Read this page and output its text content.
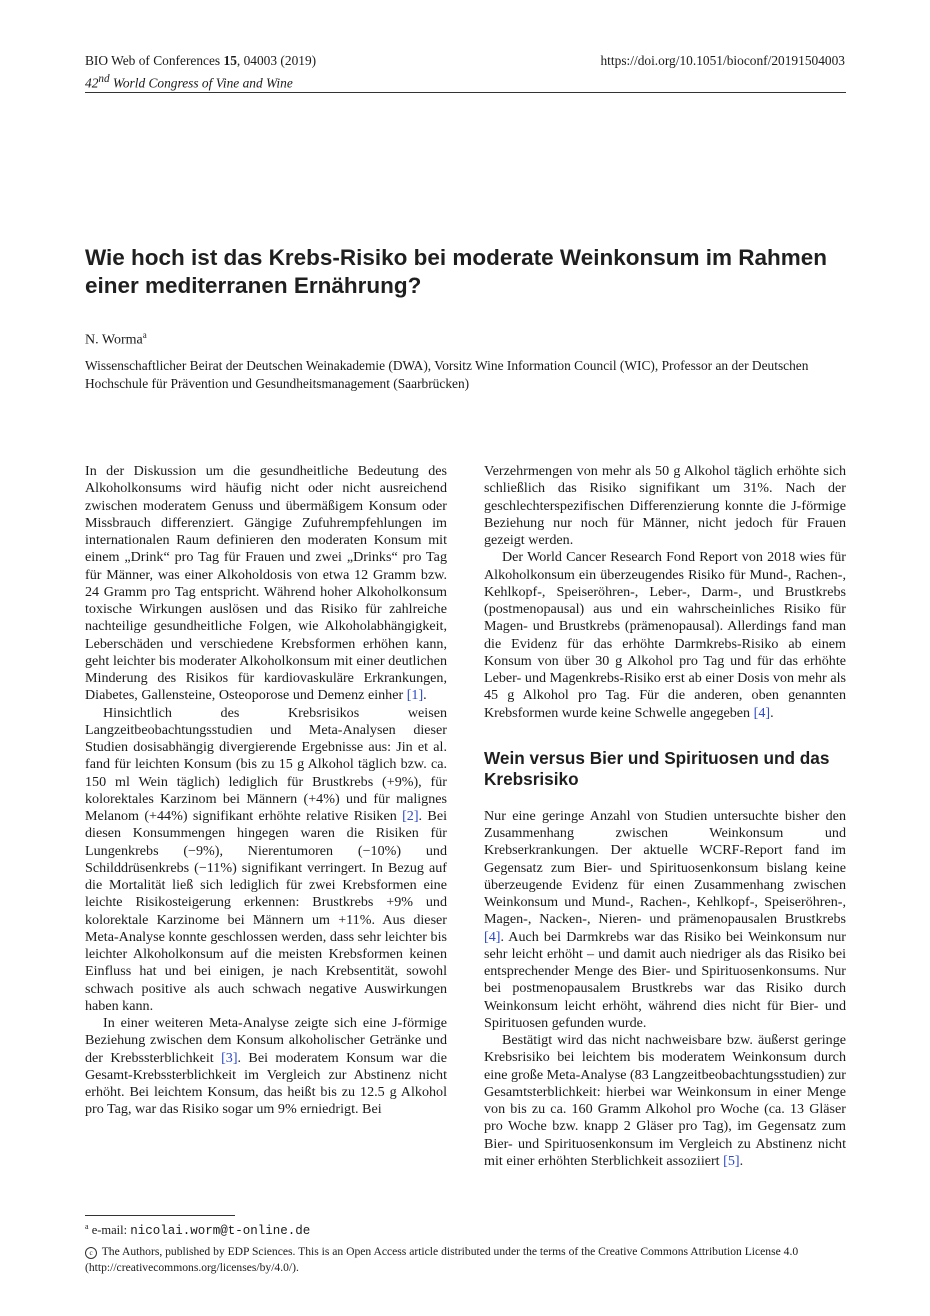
BIO Web of Conferences 15, 04003 (2019)
42nd World Congress of Vine and Wine
https://doi.org/10.1051/bioconf/20191504003
Wie hoch ist das Krebs-Risiko bei moderate Weinkonsum im Rahmen einer mediterranen Ernährung?
N. Worma$^a$
Wissenschaftlicher Beirat der Deutschen Weinakademie (DWA), Vorsitz Wine Information Council (WIC), Professor an der Deutschen Hochschule für Prävention und Gesundheitsmanagement (Saarbrücken)

In der Diskussion um die gesundheitliche Bedeutung des Alkoholkonsums wird häufig nicht oder nicht ausreichend zwischen moderatem Genuss und übermäßigem Konsum oder Missbrauch differenziert. Gängige Zufuhrempfehlungen im internationalen Raum definieren den moderaten Konsum mit einem „Drink“ pro Tag für Frauen und zwei „Drinks“ pro Tag für Männer, was einer Alkoholdosis von etwa 12 Gramm bzw. 24 Gramm pro Tag entspricht. Während hoher Alkoholkonsum toxische Wirkungen auslösen und das Risiko für zahlreiche nachteilige gesundheitliche Folgen, wie Alkoholabhängigkeit, Leberschäden und verschiedene Krebsformen erhöhen kann, geht leichter bis moderater Alkoholkonsum mit einer deutlichen Minderung des Risikos für kardiovaskuläre Erkrankungen, Diabetes, Gallensteine, Osteoporose und Demenz einher [1].

Hinsichtlich des Krebsrisikos weisen Langzeitbeobachtungsstudien und Meta-Analysen dieser Studien dosisabhängig divergierende Ergebnisse aus: Jin et al. fand für leichten Konsum (bis zu 15 g Alkohol täglich bzw. ca. 150 ml Wein täglich) lediglich für Brustkrebs (+9%), für kolorektales Karzinom bei Männern (+4%) und für malignes Melanom (+44%) signifikant erhöhte relative Risiken [2]. Bei diesen Konsummengen hingegen waren die Risiken für Lungenkrebs (−9%), Nierentumoren (−10%) und Schilddrüsenkrebs (−11%) signifikant verringert. In Bezug auf die Mortalität ließ sich lediglich für zwei Krebsformen eine leichte Risikosteigerung erkennen: Brustkrebs +9% und kolorektale Karzinome bei Männern um +11%. Aus dieser Meta-Analyse konnte geschlossen werden, dass sehr leichter bis leichter Alkoholkonsum auf die meisten Krebsformen keinen Einfluss hat und bei einigen, je nach Krebsentität, sowohl schwach positive als auch schwach negative Auswirkungen haben kann.

In einer weiteren Meta-Analyse zeigte sich eine J-förmige Beziehung zwischen dem Konsum alkoholischer Getränke und der Krebssterblichkeit [3]. Bei moderatem Konsum war die Gesamt-Krebssterblichkeit im Vergleich zur Abstinenz nicht erhöht. Bei leichtem Konsum, das heißt bis zu 12.5 g Alkohol pro Tag, war das Risiko sogar um 9% erniedrigt. Bei

Verzehrmengen von mehr als 50 g Alkohol täglich erhöhte sich schließlich das Risiko signifikant um 31%. Nach der geschlechterspezifischen Differenzierung konnte die J-förmige Beziehung nur noch für Männer, nicht jedoch für Frauen gezeigt werden.

Der World Cancer Research Fond Report von 2018 wies für Alkoholkonsum ein überzeugendes Risiko für Mund-, Rachen-, Kehlkopf-, Speiseröhren-, Leber-, Darm-, und Brustkrebs (postmenopausal) aus und ein wahrscheinliches Risiko für Magen- und Brustkrebs (prämenopausal). Allerdings fand man die Evidenz für das erhöhte Darmkrebs-Risiko ab einem Konsum von über 30 g Alkohol pro Tag und für das erhöhte Leber- und Magenkrebs-Risiko erst ab einer Dosis von mehr als 45 g Alkohol pro Tag. Für die anderen, oben genannten Krebsformen wurde keine Schwelle angegeben [4].

Wein versus Bier und Spirituosen und das Krebsrisiko

Nur eine geringe Anzahl von Studien untersuchte bisher den Zusammenhang zwischen Weinkonsum und Krebserkrankungen. Der aktuelle WCRF-Report fand im Gegensatz zum Bier- und Spirituosenkonsum bislang keine überzeugende Evidenz für einen Zusammenhang zwischen Weinkonsum und Mund-, Rachen-, Kehlkopf-, Speiseröhren-, Magen-, Nacken-, Nieren- und prämenopausalen Brustkrebs [4]. Auch bei Darmkrebs war das Risiko bei Weinkonsum nur sehr leicht erhöht – und damit auch niedriger als das Risiko bei entsprechender Menge des Bier- und Spirituosenkonsums. Nur bei postmenopausalem Brustkrebs war das Risiko durch Weinkonsum leicht erhöht, während dies nicht für Bier- und Spirituosen gefunden wurde.

Bestätigt wird das nicht nachweisbare bzw. äußerst geringe Krebsrisiko bei leichtem bis moderatem Weinkonsum durch eine große Meta-Analyse (83 Langzeitbeobachtungsstudien) zur Gesamtsterblichkeit: hierbei war Weinkonsum in einer Menge von bis zu ca. 160 Gramm Alkohol pro Woche (ca. 13 Gläser pro Woche bzw. knapp 2 Gläser pro Tag), im Gegensatz zum Bier- und Spirituosenkonsum im Vergleich zu Abstinenz nicht mit einer erhöhten Sterblichkeit assoziiert [5].

$^a$ e-mail: nicolai.worm@t-online.de
c The Authors, published by EDP Sciences. This is an Open Access article distributed under the terms of the Creative Commons Attribution License 4.0 (http://creativecommons.org/licenses/by/4.0/).
